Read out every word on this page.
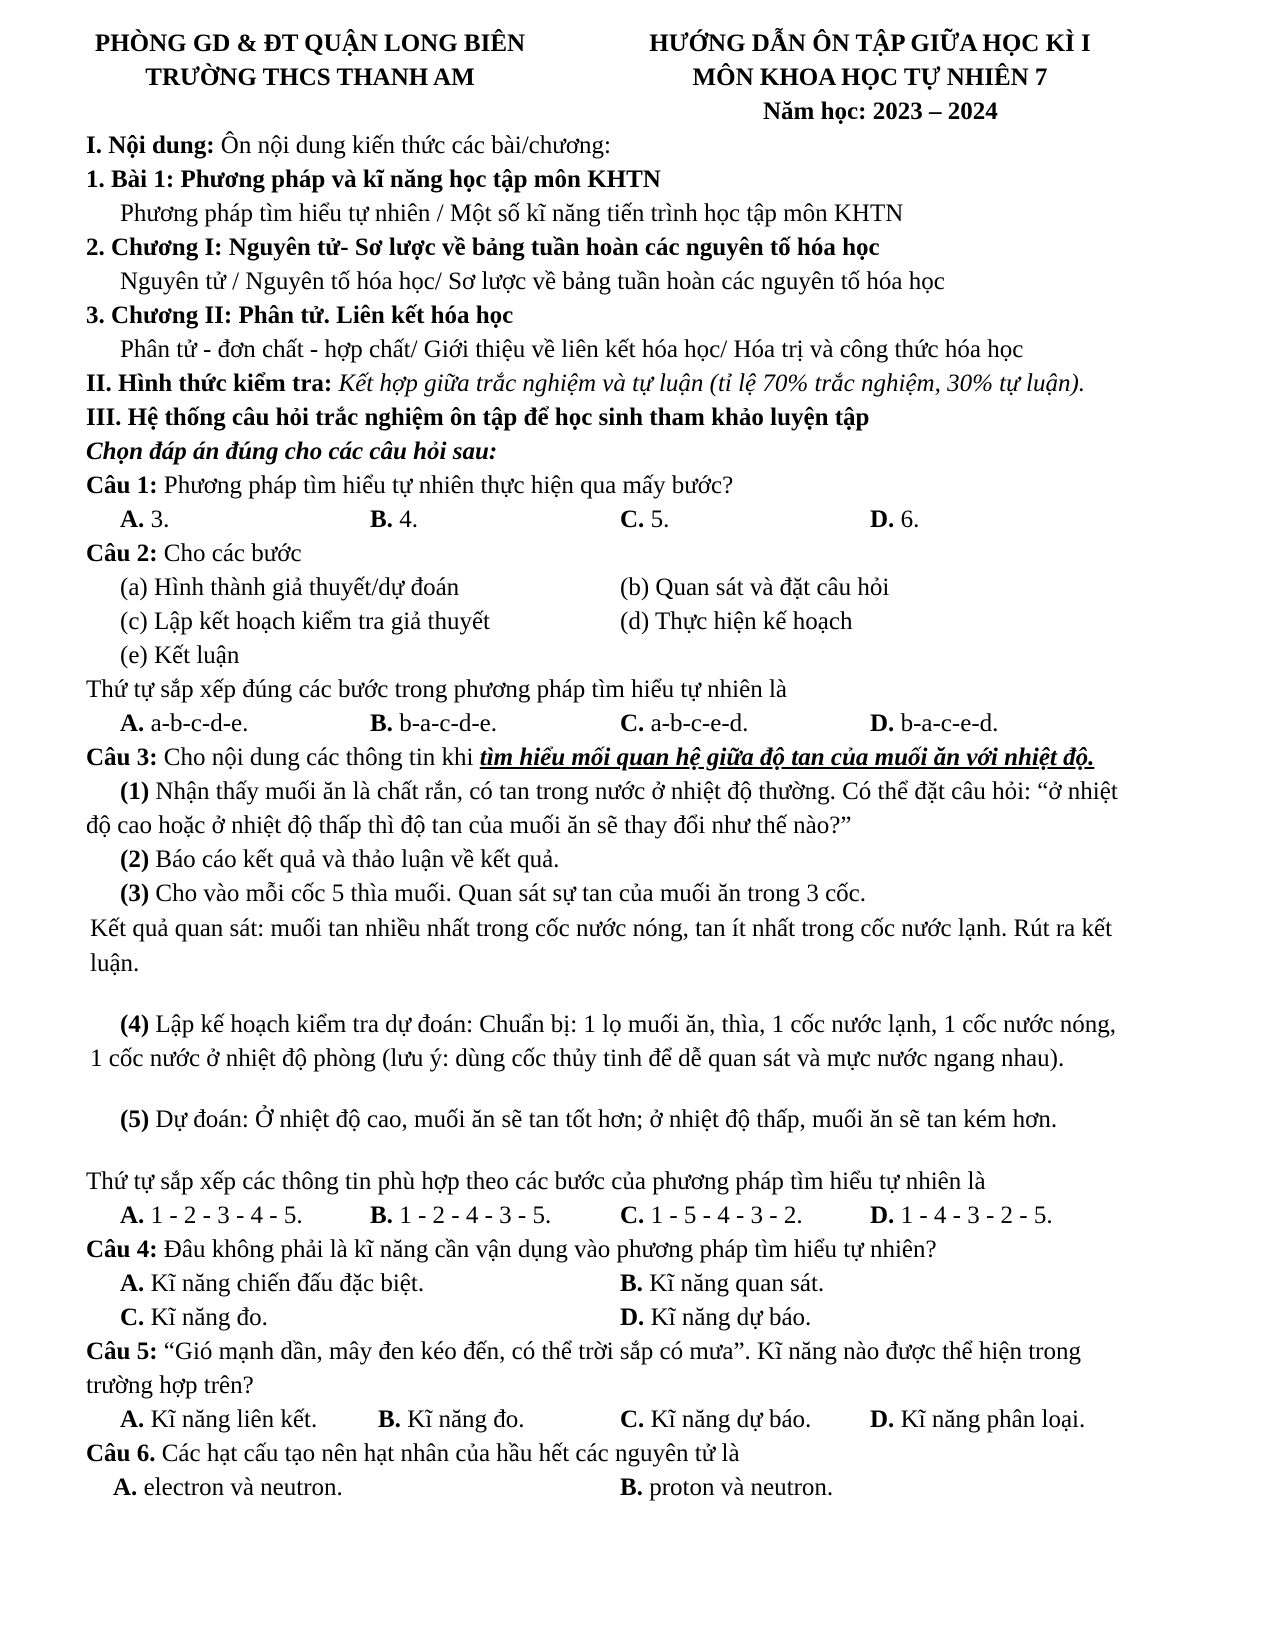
PHÒNG GD & ĐT QUẬN LONG BIÊN
TRƯỜNG THCS THANH AM
HƯỚNG DẪN ÔN TẬP GIỮA HỌC KÌ I
MÔN KHOA HỌC TỰ NHIÊN 7
Năm học: 2023 – 2024
I. Nội dung: Ôn nội dung kiến thức các bài/chương:
1. Bài 1: Phương pháp và kĩ năng học tập môn KHTN
Phương pháp tìm hiểu tự nhiên / Một số kĩ năng tiến trình học tập môn KHTN
2. Chương I: Nguyên tử- Sơ lược về bảng tuần hoàn các nguyên tố hóa học
Nguyên tử / Nguyên tố hóa học/ Sơ lược về bảng tuần hoàn các nguyên tố hóa học
3. Chương II: Phân tử. Liên kết hóa học
Phân tử - đơn chất - hợp chất/ Giới thiệu về liên kết hóa học/ Hóa trị và công thức hóa học
II. Hình thức kiểm tra: Kết hợp giữa trắc nghiệm và tự luận (tỉ lệ 70% trắc nghiệm, 30% tự luận).
III. Hệ thống câu hỏi trắc nghiệm ôn tập để học sinh tham khảo luyện tập
Chọn đáp án đúng cho các câu hỏi sau:
Câu 1: Phương pháp tìm hiểu tự nhiên thực hiện qua mấy bước?
A. 3.	B. 4.	C. 5.	D. 6.
Câu 2: Cho các bước
(a) Hình thành giả thuyết/dự đoán	(b) Quan sát và đặt câu hỏi
(c) Lập kết hoạch kiểm tra giả thuyết	(d) Thực hiện kế hoạch
(e) Kết luận
Thứ tự sắp xếp đúng các bước trong phương pháp tìm hiểu tự nhiên là
A. a-b-c-d-e.	B. b-a-c-d-e.	C. a-b-c-e-d.	D. b-a-c-e-d.
Câu 3: Cho nội dung các thông tin khi tìm hiểu mối quan hệ giữa độ tan của muối ăn với nhiệt độ.
(1) Nhận thấy muối ăn là chất rắn, có tan trong nước ở nhiệt độ thường. Có thể đặt câu hỏi: “ở nhiệt
độ cao hoặc ở nhiệt độ thấp thì độ tan của muối ăn sẽ thay đổi như thế nào?”
(2) Báo cáo kết quả và thảo luận về kết quả.
(3) Cho vào mỗi cốc 5 thìa muối. Quan sát sự tan của muối ăn trong 3 cốc.
Kết quả quan sát: muối tan nhiều nhất trong cốc nước nóng, tan ít nhất trong cốc nước lạnh. Rút ra kết
luận.
(4) Lập kế hoạch kiểm tra dự đoán: Chuẩn bị: 1 lọ muối ăn, thìa, 1 cốc nước lạnh, 1 cốc nước nóng,
1 cốc nước ở nhiệt độ phòng (lưu ý: dùng cốc thủy tinh để dễ quan sát và mực nước ngang nhau).
(5) Dự đoán: Ở nhiệt độ cao, muối ăn sẽ tan tốt hơn; ở nhiệt độ thấp, muối ăn sẽ tan kém hơn.
Thứ tự sắp xếp các thông tin phù hợp theo các bước của phương pháp tìm hiểu tự nhiên là
A. 1 - 2 - 3 - 4 - 5.	B. 1 - 2 - 4 - 3 - 5.	C. 1 - 5 - 4 - 3 - 2.	D. 1 - 4 - 3 - 2 - 5.
Câu 4: Đâu không phải là kĩ năng cần vận dụng vào phương pháp tìm hiểu tự nhiên?
A. Kĩ năng chiến đấu đặc biệt.	B. Kĩ năng quan sát.
C. Kĩ năng đo.	D. Kĩ năng dự báo.
Câu 5: “Gió mạnh dần, mây đen kéo đến, có thể trời sắp có mưa”. Kĩ năng nào được thể hiện trong
trường hợp trên?
A. Kĩ năng liên kết. B. Kĩ năng đo.	C. Kĩ năng dự báo. D. Kĩ năng phân loại.
Câu 6. Các hạt cấu tạo nên hạt nhân của hầu hết các nguyên tử là
A. electron và neutron.	B. proton và neutron.
